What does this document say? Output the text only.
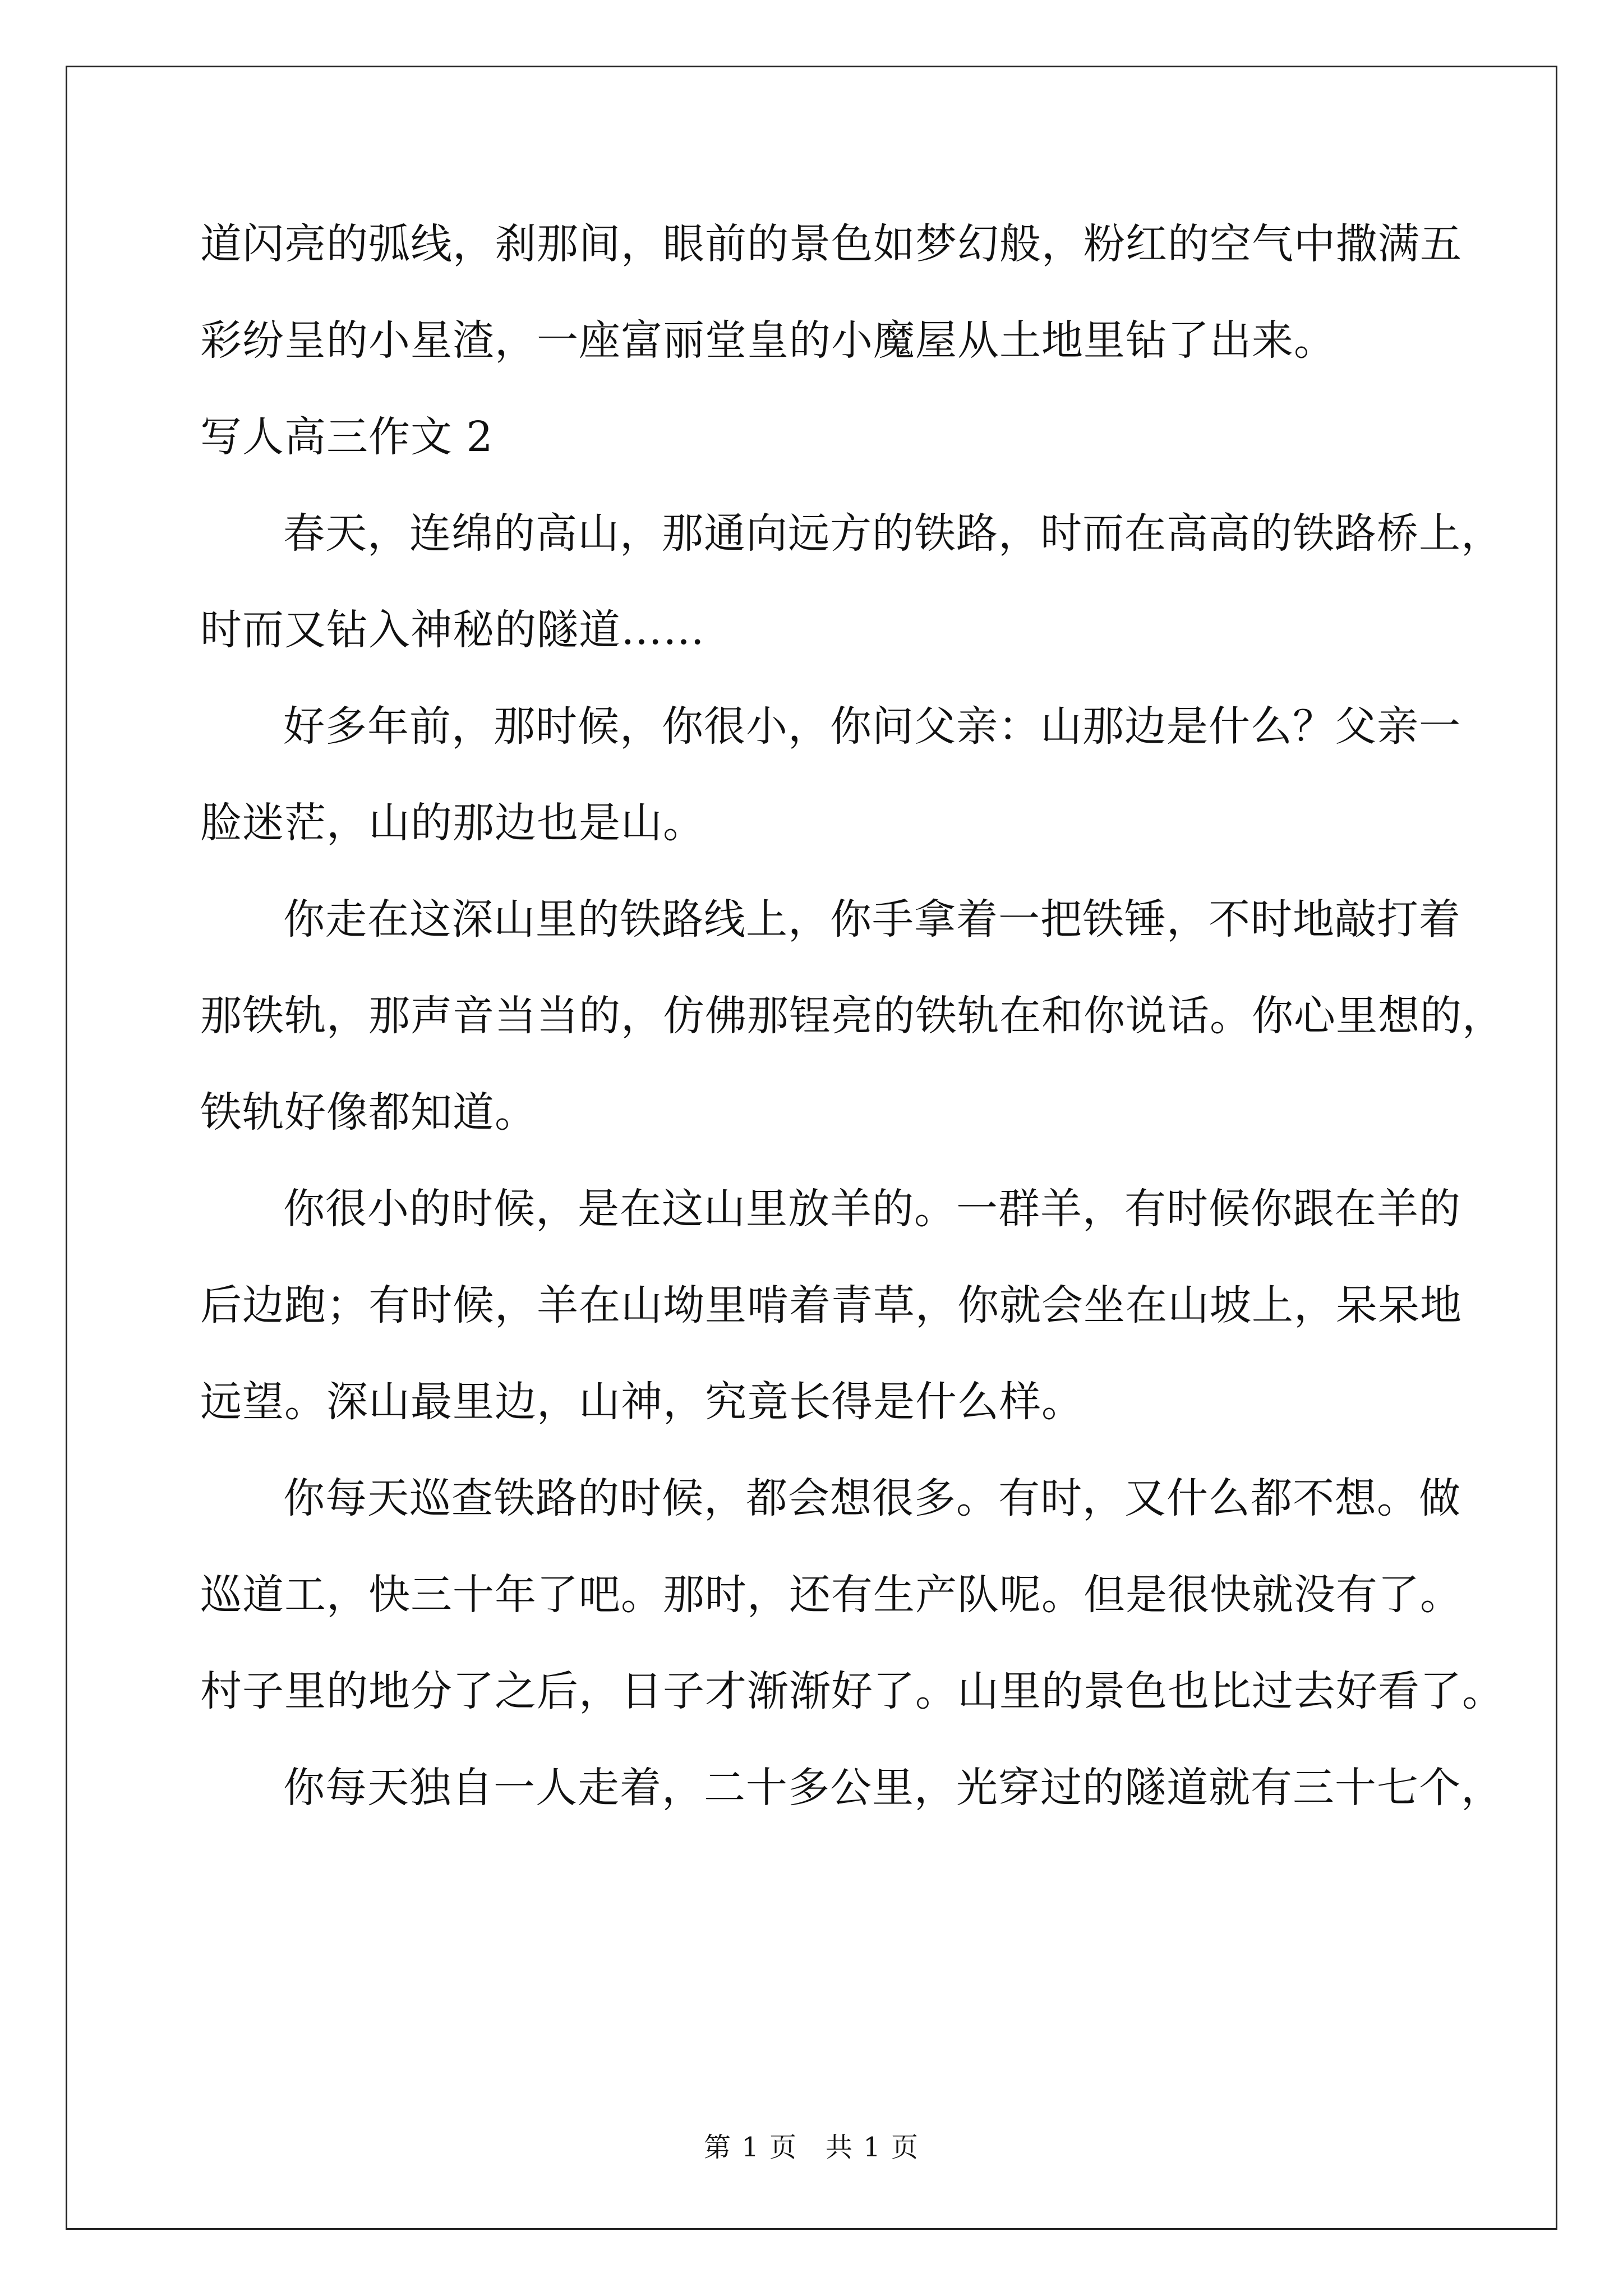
道闪亮的弧线，刹那间，眼前的景色如梦幻般，粉红的空气中撒满五
彩纷呈的小星渣，一座富丽堂皇的小魔屋从土地里钻了出来。
写人高三作文 2
春天，连绵的高山，那通向远方的铁路，时而在高高的铁路桥上，
时而又钻入神秘的隧道……
好多年前，那时候，你很小，你问父亲：山那边是什么？父亲一
脸迷茫，山的那边也是山。
你走在这深山里的铁路线上，你手拿着一把铁锤，不时地敲打着
那铁轨，那声音当当的，仿佛那锃亮的铁轨在和你说话。你心里想的，
铁轨好像都知道。
你很小的时候，是在这山里放羊的。一群羊，有时候你跟在羊的
后边跑；有时候，羊在山坳里啃着青草，你就会坐在山坡上，呆呆地
远望。深山最里边，山神，究竟长得是什么样。
你每天巡查铁路的时候，都会想很多。有时，又什么都不想。做
巡道工，快三十年了吧。那时，还有生产队呢。但是很快就没有了。
村子里的地分了之后，日子才渐渐好了。山里的景色也比过去好看了。
你每天独自一人走着，二十多公里，光穿过的隧道就有三十七个，
第 1 页　共 1 页
